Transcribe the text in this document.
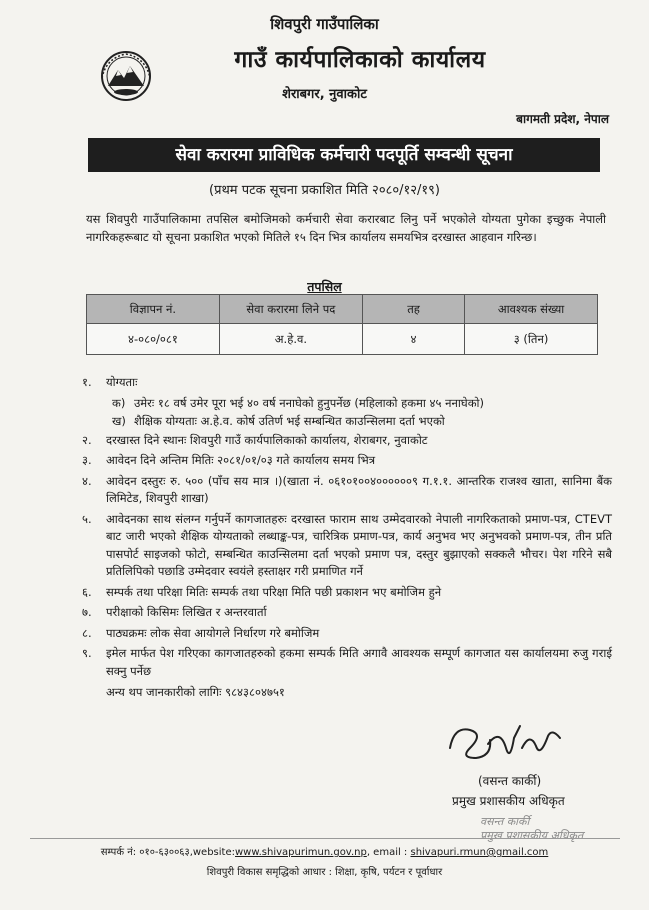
शिवपुरी गाउँपालिका
गाउँ कार्यपालिकाको कार्यालय
शेराबगर, नुवाकोट
बागमती प्रदेश, नेपाल
सेवा करारमा प्राविधिक कर्मचारी पदपूर्ति सम्वन्धी सूचना
(प्रथम पटक सूचना प्रकाशित मिति २०८०/१२/१९)
यस शिवपुरी गाउँपालिकामा तपसिल बमोजिमको कर्मचारी सेवा करारबाट लिनु पर्ने भएकोले योग्यता पुगेका इच्छुक नेपाली नागरिकहरूबाट यो सूचना प्रकाशित भएको मितिले १५ दिन भित्र कार्यालय समयभित्र दरखास्त आहवान गरिन्छ।
तपसिल
विज्ञापन नं.	सेवा करारमा लिने पद	तह	आवश्यक संख्या
४-०८०/०८१	अ.हे.व.	४	३ (तिन)
१.	योग्यताः
क) उमेरः १८ वर्ष उमेर पूरा भई ४० वर्ष ननाघेको हुनुपर्नेछ (महिलाको हकमा ४५ ननाघेको)
ख) शैक्षिक योग्यताः अ.हे.व. कोर्ष उतिर्ण भई सम्बन्धित काउन्सिलमा दर्ता भएको
२.	दरखास्त दिने स्थानः शिवपुरी गाउँ कार्यपालिकाको कार्यालय, शेराबगर, नुवाकोट
३.	आवेदन दिने अन्तिम मितिः २०८१/०१/०३ गते कार्यालय समय भित्र
४.	आवेदन दस्तुरः रु. ५०० (पाँच सय मात्र ।)(खाता नं. ०६१०१००४००००००९ ग.१.१. आन्तरिक राजश्व खाता, सानिमा बैंक लिमिटेड, शिवपुरी शाखा)
५.	आवेदनका साथ संलग्न गर्नुपर्ने कागजातहरुः दरखास्त फाराम साथ उम्मेदवारको नेपाली नागरिकताको प्रमाण-पत्र, CTEVT बाट जारी भएको शैक्षिक योग्यताको लब्धाङ्क-पत्र, चारित्रिक प्रमाण-पत्र, कार्य अनुभव भए अनुभवको प्रमाण-पत्र, तीन प्रति पासपोर्ट साइजको फोटो, सम्बन्धित काउन्सिलमा दर्ता भएको प्रमाण पत्र, दस्तुर बुझाएको सक्कलै भौचर। पेश गरिने सबै प्रतिलिपिको पछाडि उम्मेदवार स्वयंले हस्ताक्षर गरी प्रमाणित गर्ने
६.	सम्पर्क तथा परिक्षा मितिः सम्पर्क तथा परिक्षा मिति पछी प्रकाशन भए बमोजिम हुने
७.	परीक्षाको किसिमः लिखित र अन्तरवार्ता
८.	पाठ्यक्रमः लोक सेवा आयोगले निर्धारण गरे बमोजिम
९.	इमेल मार्फत पेश गरिएका कागजातहरुको हकमा सम्पर्क मिति अगावै आवश्यक सम्पूर्ण कागजात यस कार्यालयमा रुजु गराई सक्नु पर्नेछ
अन्य थप जानकारीको लागिः ९८४३८०४७५१
(वसन्त कार्की)
प्रमुख प्रशासकीय अधिकृत
वसन्त कार्की
प्रमुख प्रशासकीय अधिकृत
सम्पर्क नं: ०१०-६३००६३,website:www.shivapurimun.gov.np, email : shivapuri.rmun@gmail.com
शिवपुरी विकास समृद्धिको आधार : शिक्षा, कृषि, पर्यटन र पूर्वाधार
